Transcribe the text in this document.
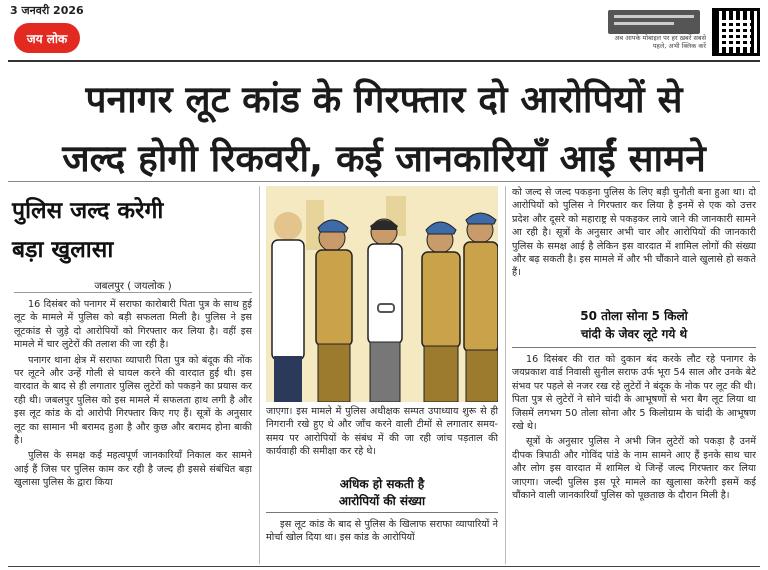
3 जनवरी 2026
जय लोक	अब आपके मोबाइल पर हर ख़बरें सबसे पहले, अभी क्लिक करें
पनागर लूट कांड के गिरफ्तार दो आरोपियों से
जल्द होगी रिकवरी, कई जानकारियाँ आईं सामने
पुलिस जल्द करेगी
बड़ा खुलासा
जबलपुर ( जयलोक )

16 दिसंबर को पनागर में सराफा कारोबारी पिता पुत्र के साथ हुई लूट के मामले में पुलिस को बड़ी सफलता मिली है। पुलिस ने इस लूटकांड से जुड़े दो आरोपियों को गिरफ्तार कर लिया है। वहीं इस मामले में चार लुटेरों की तलाश की जा रही है।

पनागर थाना क्षेत्र में सराफा व्यापारी पिता पुत्र को बंदूक की नोंक पर लूटने और उन्हें गोली से घायल करने की वारदात हुई थी। इस वारदात के बाद से ही लगातार पुलिस लुटेरों को पकड़ने का प्रयास कर रही थी। जबलपुर पुलिस को इस मामले में सफलता हाथ लगी है और इस लूट कांड के दो आरोपी गिरफ्तार किए गए हैं। सूत्रों के अनुसार लूट का सामान भी बरामद हुआ है और कुछ और बरामद होना बाकी है।

पुलिस के समक्ष कई महत्वपूर्ण जानकारियाँ निकाल कर सामने आई हैं जिस पर पुलिस काम कर रही है जल्द ही इससे संबंधित बड़ा खुलासा पुलिस के द्वारा किया

जाएगा। इस मामले में पुलिस अधीक्षक सम्पत उपाध्याय शुरू से ही निगरानी रखे हुए थे और जाँच करने वाली टीमों से लगातार समय-समय पर आरोपियों के संबंध में की जा रही जांच पड़ताल की कार्यवाही की समीक्षा कर रहे थे।

अधिक हो सकती है
आरोपियों की संख्या

इस लूट कांड के बाद से पुलिस के खिलाफ सराफा व्यापारियों ने मोर्चा खोल दिया था। इस कांड के आरोपियों

को जल्द से जल्द पकड़ना पुलिस के लिए बड़ी चुनौती बना हुआ था। दो आरोपियों को पुलिस ने गिरफ्तार कर लिया है इनमें से एक को उत्तर प्रदेश और दूसरे को महाराष्ट्र से पकड़कर लाये जाने की जानकारी सामने आ रही है। सूत्रों के अनुसार अभी चार और आरोपियों की जानकारी पुलिस के समक्ष आई है लेकिन इस वारदात में शामिल लोगों की संख्या और बढ़ सकती है। इस मामले में और भी चौंकाने वाले खुलासे हो सकते हैं।

50 तोला सोना 5 किलो
चांदी के जेवर लूटे गये थे

16 दिसंबर की रात को दुकान बंद करके लौट रहे पनागर के जयप्रकाश वार्ड निवासी सुनील सराफ उर्फ भूरा 54 साल और उनके बेटे संभव पर पहले से नजर रख रहे लुटेरों ने बंदूक के नोक पर लूट की थी। पिता पुत्र से लुटेरों ने सोने चांदी के आभूषणों से भरा बैग लूट लिया था जिसमें लगभग 50 तोला सोना और 5 किलोग्राम के चांदी के आभूषण रखे थे।

सूत्रों के अनुसार पुलिस ने अभी जिन लुटेरों को पकड़ा है उनमें दीपक त्रिपाठी और गोविंद पांडे के नाम सामने आए हैं इनके साथ चार और लोग इस वारदात में शामिल थे जिन्हें जल्द गिरफ्तार कर लिया जाएगा। जल्दी पुलिस इस पूरे मामले का खुलासा करेगी इसमें कई चौंकाने वाली जानकारियाँ पुलिस को पूछताछ के दौरान मिली है।
